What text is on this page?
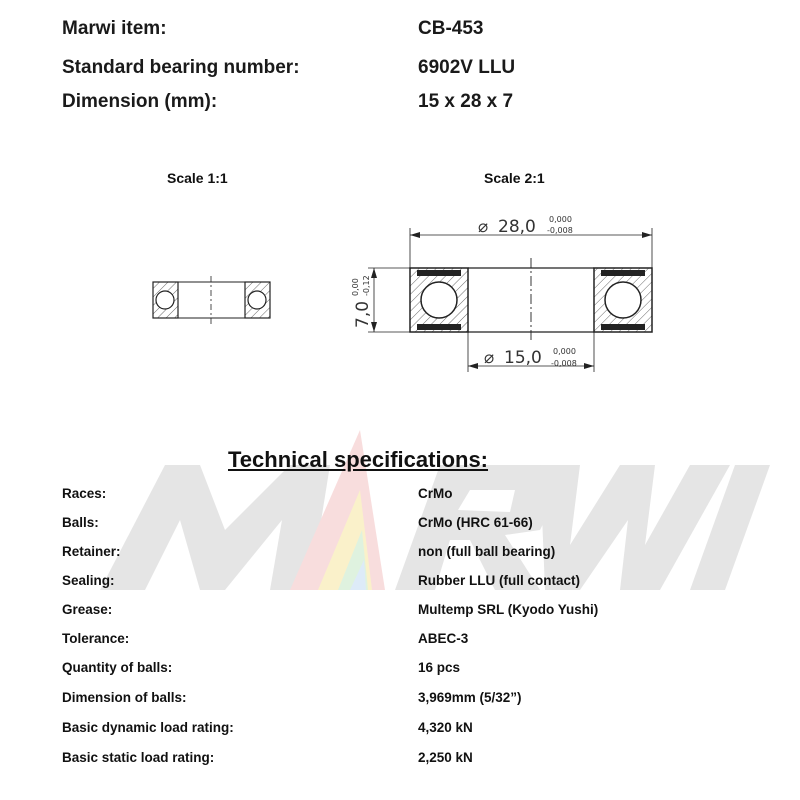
Marwi item:	CB-453
Standard bearing number:	6902V LLU
Dimension (mm):	15 x 28 x 7
Scale 1:1	Scale 2:1
⌀ 28,0 0,000
-0,008
⌀ 15,0 0,000
-0,008
7,0
0,00 -0,12
Technical specifications:
Races:	CrMo
Balls:	CrMo (HRC 61-66)
Retainer:	non (full ball bearing)
Sealing:	Rubber LLU (full contact)
Grease:	Multemp SRL (Kyodo Yushi)
Tolerance:	ABEC-3
Quantity of balls:	16 pcs
Dimension of balls:	3,969mm (5/32”)
Basic dynamic load rating:	4,320 kN
Basic static load rating:	2,250 kN
